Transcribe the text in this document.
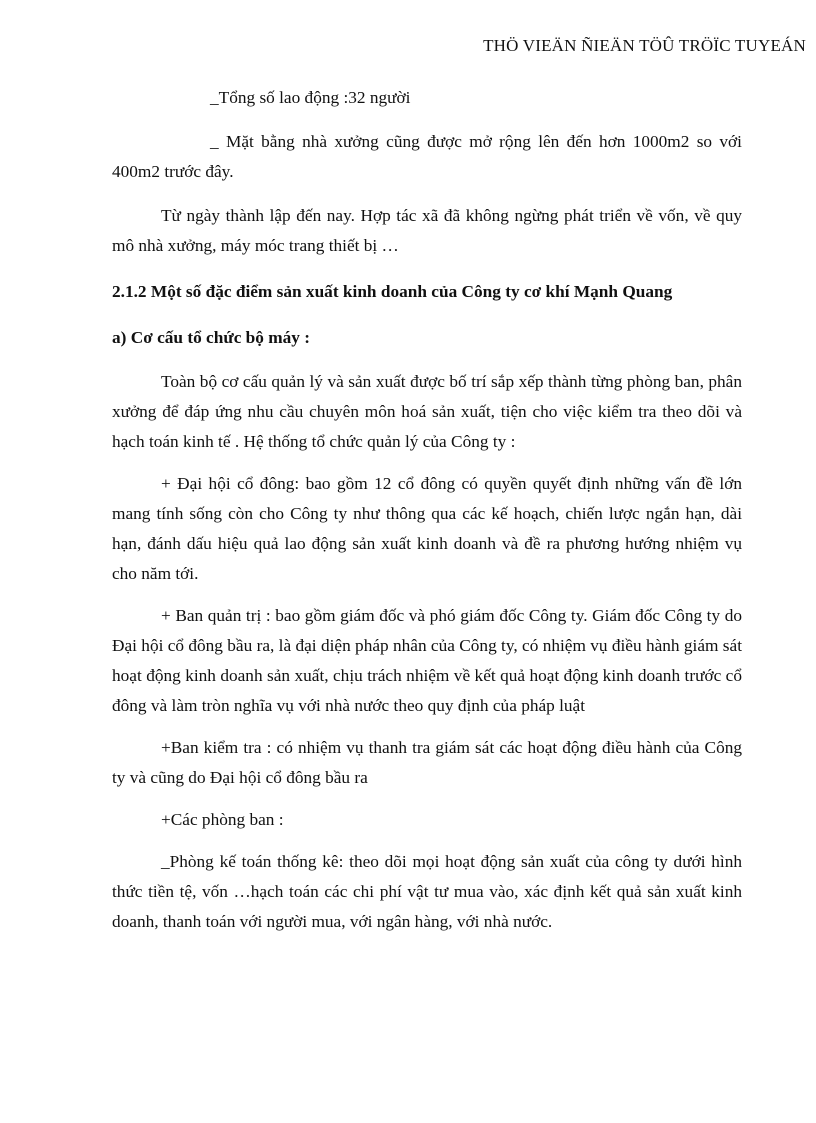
THÖ VIEÄN ÑIEÄN TÖÛ TRÖÏC TUYEÁN

_Tổng số lao động :32 người

_ Mặt bằng nhà xưởng cũng được mở rộng lên đến hơn 1000m2 so với 400m2 trước đây.

Từ ngày thành lập đến nay. Hợp tác xã đã không ngừng phát triển về vốn, về quy mô nhà xưởng, máy móc trang thiết bị …

2.1.2 Một số đặc điểm sản xuất kinh doanh của Công ty cơ khí Mạnh Quang

a) Cơ cấu tổ chức bộ máy :

Toàn bộ cơ cấu quản lý và sản xuất được bố trí sắp xếp thành từng phòng ban, phân xưởng để đáp ứng nhu cầu chuyên môn hoá sản xuất, tiện cho việc kiểm tra theo dõi và hạch toán kinh tế . Hệ thống tổ chức quản lý của Công ty :

+ Đại hội cổ đông: bao gồm 12 cổ đông có quyền quyết định những vấn đề lớn mang tính sống còn cho Công ty như thông qua các kế hoạch, chiến lược ngắn hạn, dài hạn, đánh dấu hiệu quả lao động sản xuất kinh doanh và đề ra phương hướng nhiệm vụ cho năm tới.

+ Ban quản trị : bao gồm giám đốc và phó giám đốc Công ty. Giám đốc Công ty do Đại hội cổ đông bầu ra, là đại diện pháp nhân của Công ty, có nhiệm vụ điều hành giám sát hoạt động kinh doanh sản xuất, chịu trách nhiệm về kết quả hoạt động kinh doanh trước cổ đông và làm tròn nghĩa vụ với nhà nước theo quy định của pháp luật

+Ban kiểm tra : có nhiệm vụ thanh tra giám sát các hoạt động điều hành của Công ty và cũng do Đại hội cổ đông bầu ra

+Các phòng ban :

_Phòng kế toán thống kê: theo dõi mọi hoạt động sản xuất của công ty dưới hình thức tiền tệ, vốn …hạch toán các chi phí vật tư mua vào, xác định kết quả sản xuất kinh doanh, thanh toán với người mua, với ngân hàng, với nhà nước.
